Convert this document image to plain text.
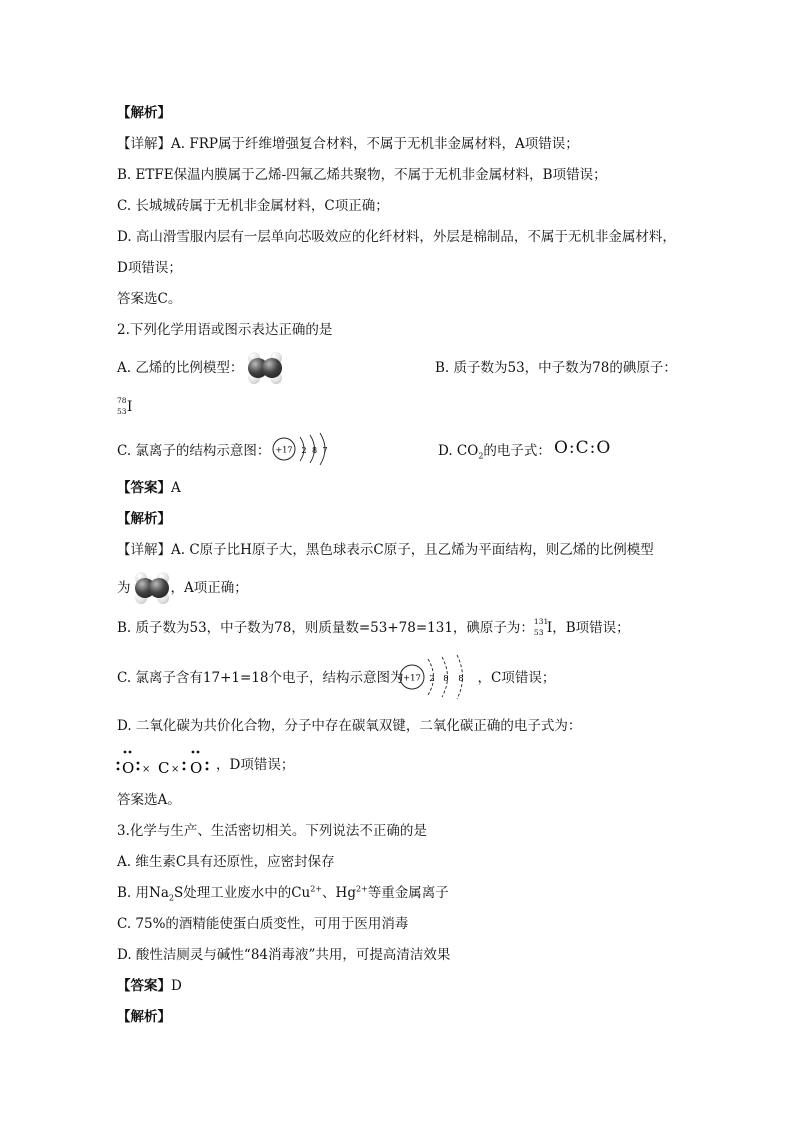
【解析】
【详解】A. FRP属于纤维增强复合材料，不属于无机非金属材料，A项错误；
B. ETFE保温内膜属于乙烯-四氟乙烯共聚物，不属于无机非金属材料，B项错误；
C. 长城城砖属于无机非金属材料，C项正确；
D. 高山滑雪服内层有一层单向芯吸效应的化纤材料，外层是棉制品，不属于无机非金属材料，
D项错误；
答案选C。
2.下列化学用语或图示表达正确的是
A. 乙烯的比例模型：	B. 质子数为53，中子数为78的碘原子：
78
53 I
C. 氯离子的结构示意图： +17 2 8 7	D. $CO_2$的电子式： O:C:O
【答案】A
【解析】
【详解】A. C原子比H原子大，黑色球表示C原子，且乙烯为平面结构，则乙烯的比例模型
为	，A项正确；
B. 质子数为53，中子数为78，则质量数=53+78=131，碘原子为： 131
53 I，B项错误；
C. 氯离子含有17+1=18个电子，结构示意图为	，C项错误；
+17 2 8 8
D. 二氧化碳为共价化合物，分子中存在碳氧双键，二氧化碳正确的电子式为：
O C O
× ×	，D项错误；
答案选A。
3.化学与生产、生活密切相关。下列说法不正确的是
A. 维生素C具有还原性，应密封保存
B. 用$Na_2S$处理工业废水中的$Cu^{2+}$、$Hg^{2+}$等重金属离子
C. 75%的酒精能使蛋白质变性，可用于医用消毒
D. 酸性洁厕灵与碱性“84消毒液”共用，可提高清洁效果
【答案】D
【解析】
